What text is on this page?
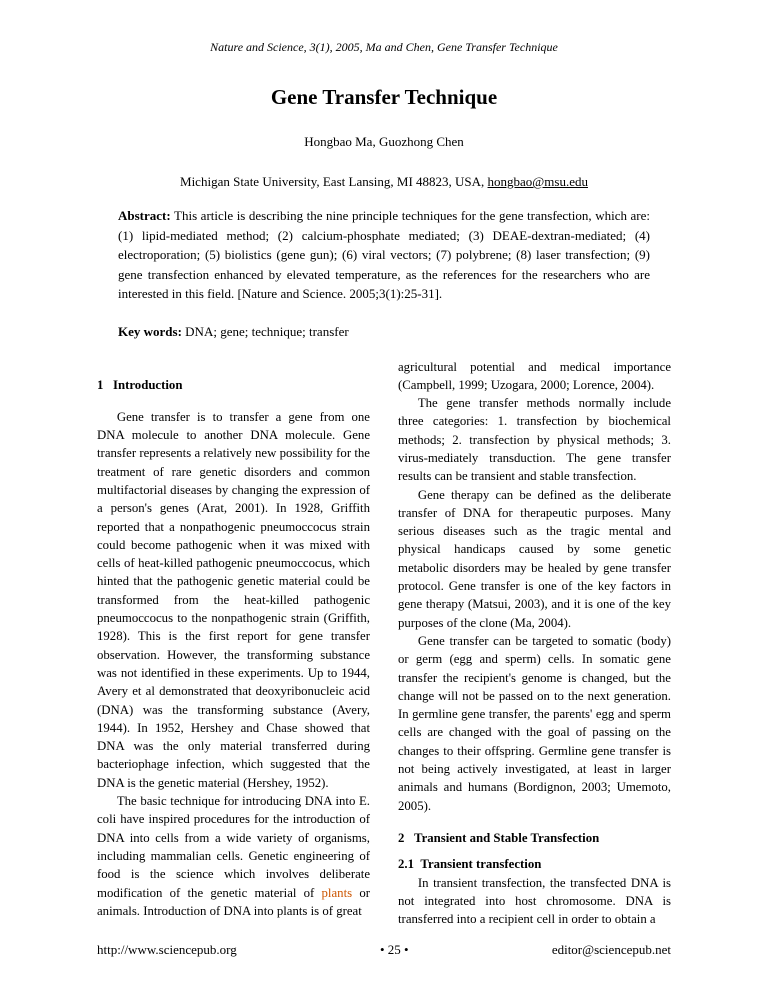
Nature and Science, 3(1), 2005, Ma and Chen, Gene Transfer Technique
Gene Transfer Technique
Hongbao Ma, Guozhong Chen
Michigan State University, East Lansing, MI 48823, USA, hongbao@msu.edu
Abstract: This article is describing the nine principle techniques for the gene transfection, which are: (1) lipid-mediated method; (2) calcium-phosphate mediated; (3) DEAE-dextran-mediated; (4) electroporation; (5) biolistics (gene gun); (6) viral vectors; (7) polybrene; (8) laser transfection; (9) gene transfection enhanced by elevated temperature, as the references for the researchers who are interested in this field. [Nature and Science. 2005;3(1):25-31].
Key words: DNA; gene; technique; transfer
1   Introduction

Gene transfer is to transfer a gene from one DNA molecule to another DNA molecule. Gene transfer represents a relatively new possibility for the treatment of rare genetic disorders and common multifactorial diseases by changing the expression of a person's genes (Arat, 2001). In 1928, Griffith reported that a nonpathogenic pneumoccocus strain could become pathogenic when it was mixed with cells of heat-killed pathogenic pneumoccocus, which hinted that the pathogenic genetic material could be transformed from the heat-killed pathogenic pneumoccocus to the nonpathogenic strain (Griffith, 1928). This is the first report for gene transfer observation. However, the transforming substance was not identified in these experiments. Up to 1944, Avery et al demonstrated that deoxyribonucleic acid (DNA) was the transforming substance (Avery, 1944). In 1952, Hershey and Chase showed that DNA was the only material transferred during bacteriophage infection, which suggested that the DNA is the genetic material (Hershey, 1952).

The basic technique for introducing DNA into E. coli have inspired procedures for the introduction of DNA into cells from a wide variety of organisms, including mammalian cells. Genetic engineering of food is the science which involves deliberate modification of the genetic material of plants or animals. Introduction of DNA into plants is of great

agricultural potential and medical importance (Campbell, 1999; Uzogara, 2000; Lorence, 2004).

The gene transfer methods normally include three categories: 1. transfection by biochemical methods; 2. transfection by physical methods; 3. virus-mediately transduction. The gene transfer results can be transient and stable transfection.

Gene therapy can be defined as the deliberate transfer of DNA for therapeutic purposes. Many serious diseases such as the tragic mental and physical handicaps caused by some genetic metabolic disorders may be healed by gene transfer protocol. Gene transfer is one of the key factors in gene therapy (Matsui, 2003), and it is one of the key purposes of the clone (Ma, 2004).

Gene transfer can be targeted to somatic (body) or germ (egg and sperm) cells. In somatic gene transfer the recipient's genome is changed, but the change will not be passed on to the next generation. In germline gene transfer, the parents' egg and sperm cells are changed with the goal of passing on the changes to their offspring. Germline gene transfer is not being actively investigated, at least in larger animals and humans (Bordignon, 2003; Umemoto, 2005).

2   Transient and Stable Transfection
2.1  Transient transfection

In transient transfection, the transfected DNA is not integrated into host chromosome. DNA is transferred into a recipient cell in order to obtain a

http://www.sciencepub.org	• 25 •	editor@sciencepub.net
